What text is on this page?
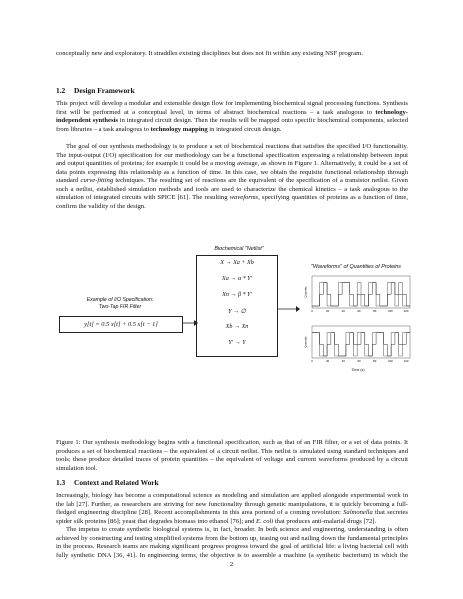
conceptually new and exploratory. It straddles existing disciplines but does not fit within any existing NSF program.

1.2 Design Framework

This project will develop a modular and extensible design flow for implementing biochemical signal processing functions. Synthesis first will be performed at a conceptual level, in terms of abstract biochemical reactions – a task analogous to technology-independent synthesis in integrated circuit design. Then the results will be mapped onto specific biochemical components, selected from libraries – a task analogous to technology mapping in integrated circuit design.

The goal of our synthesis methodology is to produce a set of biochemical reactions that satisfies the specified I/O functionality. The input-output (I/O) specification for our methodology can be a functional specification expressing a relationship between input and output quantities of proteins; for example it could be a moving average, as shown in Figure 1. Alternatively, it could be a set of data points expressing this relationship as a function of time. In this case, we obtain the requisite functional relationship through standard curve-fitting techniques. The resulting set of reactions are the equivalent of the specification of a transistor netlist. Given such a netlist, established simulation methods and tools are used to characterize the chemical kinetics – a task analogous to the simulation of integrated circuits with SPICE [61]. The resulting waveforms, specifying quantities of proteins as a function of time, confirm the validity of the design.

Example of I/O Specification:
Two-Tap FIR Filter
y[t] = 0.5 x[t] + 0.5 x[t − 1]
Biochemical "Netlist"
X → Xa + Xb
Xa → α * Y′
Xn → β * Y′
Y → ∅
Xb → Xn
Y′ → Y
"Waveforms" of Quantities of Proteins
Quantity
0	20	40	60	80	100	120
Quantity
0	20	40	60	80	100	120
Time (s)

Figure 1: Our synthesis methodology begins with a functional specification, such as that of an FIR filter, or a set of data points. It produces a set of biochemical reactions – the equivalent of a circuit netlist. This netlist is simulated using standard techniques and tools; these produce detailed traces of protein quantities – the equivalent of voltage and current waveforms produced by a circuit simulation tool.

1.3 Context and Related Work

Increasingly, biology has become a computational science as modeling and simulation are applied alongside experimental work in the lab [27]. Further, as researchers are striving for new functionality through genetic manipulations, it is quickly becoming a full-fledged engineering discipline [28]. Recent accomplishments in this area portend of a coming revolution: Salmonella that secretes spider silk proteins [86]; yeast that degrades biomass into ethanol [76]; and E. coli that produces anti-malarial drugs [72].

The impetus to create synthetic biological systems is, in fact, broader. In both science and engineering, understanding is often achieved by constructing and testing simplified systems from the bottom up, teasing out and nailing down the fundamental principles in the process. Research teams are making significant progress progress toward the goal of artificial life: a living bacterial cell with fully synthetic DNA [36, 41]. In engineering terms, the objective is to assemble a machine (a synthetic bacterium) in which the

2
